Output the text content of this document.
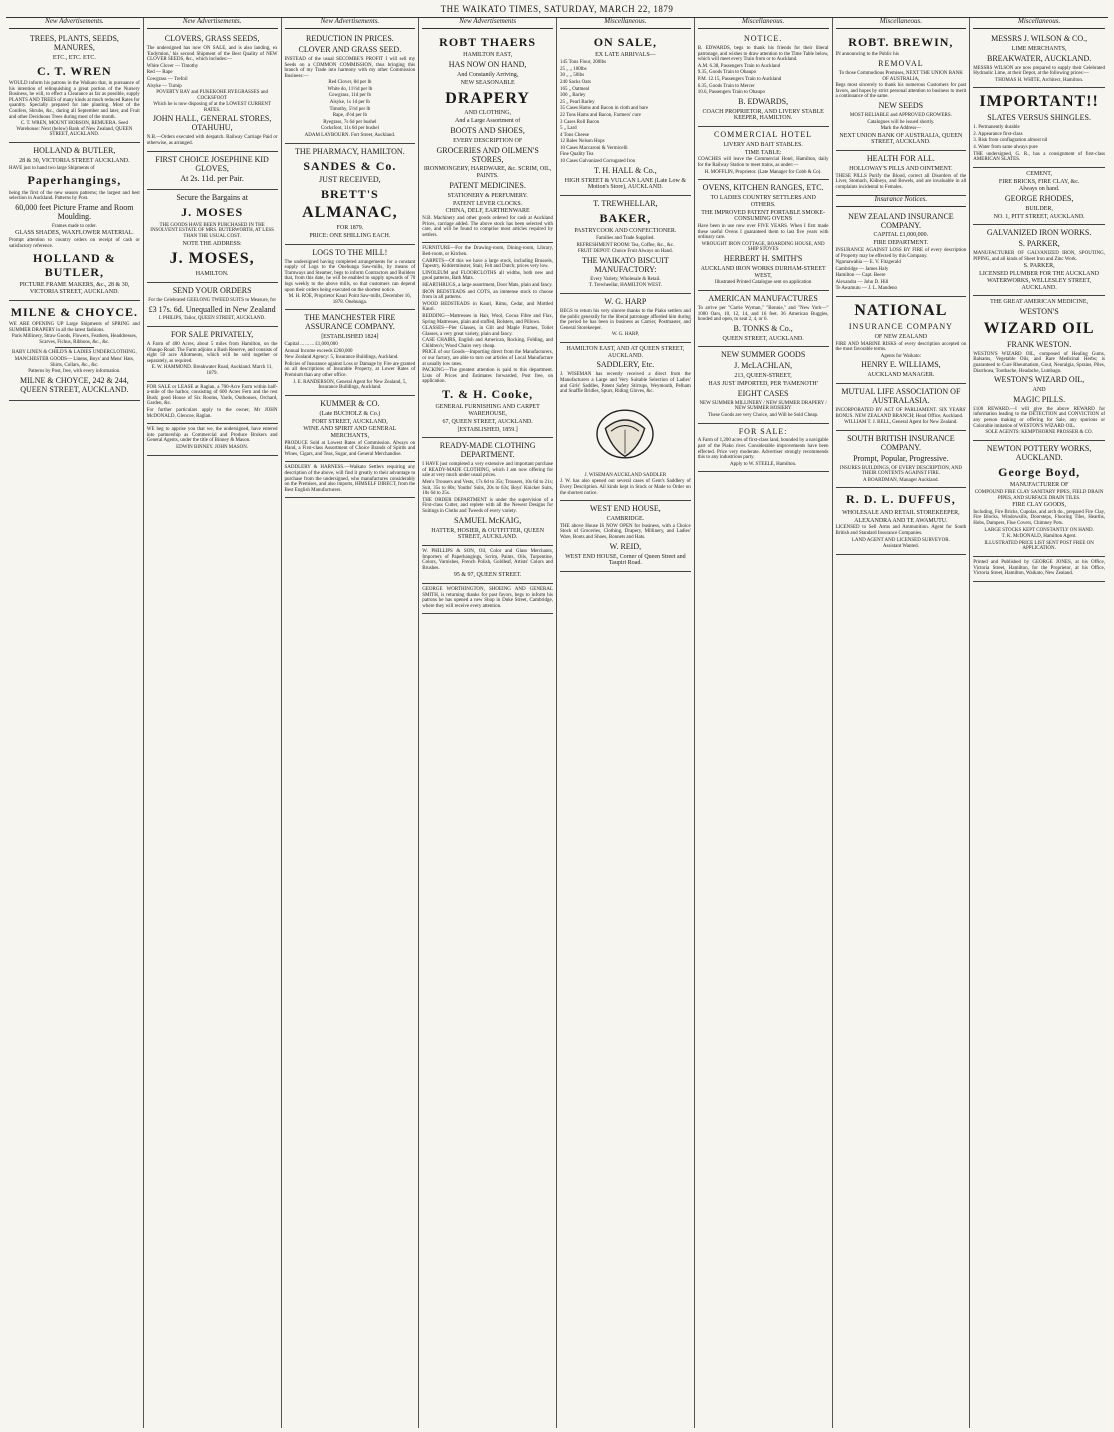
THE WAIKATO TIMES, SATURDAY, MARCH 22, 1879
New Advertisements.
TREES, PLANTS, SEEDS, MANURES,
ETC., ETC. ETC.
C. T. WREN

WOULD inform his patrons in the Waikato that, in pursuance of his intention of relinquishing a great portion of the Nursery Business, he will, to effect a Clearance as far as possible, supply PLANTS AND TREES of many kinds at much reduced Rates for quantity. Specially prepared for late planting. Most of the Conifers, Shrubs, &c., during all September and later, and Fruit and other Deciduous Trees during most of the month.

C. T. WREN, MOUNT HOBSON, REMUERA. Seed Warehouse: Next (below) Bank of New Zealand, QUEEN STREET, AUCKLAND.

HOLLAND & BUTLER,
28 & 30, VICTORIA STREET AUCKLAND.

HAVE just to hand two large Shipments of

Paperhangings,

being the first of the new season patterns; the largest and best selection in Auckland. Patterns by Post.

60,000 feet Picture Frame and Room Moulding.

Frames made to order.

GLASS SHADES, WAXFLOWER MATERIAL.

Prompt attention to country orders on receipt of cash or satisfactory reference.

HOLLAND & BUTLER,
PICTURE FRAME MAKERS, &c., 28 & 30, VICTORIA STREET, AUCKLAND.
MILNE & CHOYCE.

WE ARE OPENING UP Large Shipments of SPRING and SUMMER DRAPERY in all the latest fashions.

Paris Millinery, Straw Goods, Flowers, Feathers, Headdresses, Scarves, Fichus, Ribbons, &c., &c.

BABY LINEN & CHILD'S & LADIES UNDERCLOTHING,

MANCHESTER GOODS— Linens, Boys' and Mens' Hats, Shirts, Collars, &c., &c.

Patterns by Post, free, with every information.

MILNE & CHOYCE, 242 & 244, QUEEN STREET, AUCKLAND.
New Advertisements.
CLOVERS, GRASS SEEDS,

The undersigned has now ON SALE, and is also landing, ex 'Endymion,' his second Shipment of the Best Quality of NEW CLOVER SEEDS, &c., which includes:—

White Clover — Timothy

Red — Rape

Cowgrass — Trefoil

Alsyke — Turnip

POVERTY BAY and PUKEKOHE RYEGRASSES and COCKSFOOT

Which he is now disposing of at the LOWEST CURRENT RATES.

JOHN HALL, GENERAL STORES, OTAHUHU,

N.B.—Orders executed with despatch. Railway Carriage Paid or otherwise, as arranged.

FIRST CHOICE JOSEPHINE KID GLOVES,
At 2s. 11d. per Pair.
Secure the Bargains at
J. MOSES

THE GOODS HAVE BEEN PURCHASED IN THE INSOLVENT ESTATE OF MRS. BUTERWORTH, AT LESS THAN THE USUAL COST.

NOTE THE ADDRESS:
J. MOSES,
HAMILTON.
SEND YOUR ORDERS

For the Celebrated GEELONG TWEED SUITS to Measure, for

£3 17s. 6d. Unequalled in New Zealand

I. PHILIPS, Tailor, QUEEN STREET, AUCKLAND.

FOR SALE PRIVATELY,

A Farm of 400 Acres, about 5 miles from Hamilton, on the Ohaupo Road. The Farm adjoins a Bush Reserve, and consists of eight 50 acre Allotments, which will be sold together or separately, as required.

E. W. HAMMOND. Breakwater Road, Auckland. March 11, 1879.

FOR SALE or LEASE at Raglan, a 700-Acre Farm within half-a-mile of the harbor, consisting of 600 Acres Fern and the rest Bush; good House of Six Rooms, Yards, Outhouses, Orchard, Garden, &c.

For further particulars apply to the owner, Mr JOHN McDONALD, Glencoe, Raglan.

WE beg to apprise you that we, the undersigned, have entered into partnership as Commercial and Produce Brokers and General Agents, under the title of Binney & Mason.

EDWIN BINNEY. JOHN MASON.

New Advertisements.
REDUCTION IN PRICES.
CLOVER AND GRASS SEED.

INSTEAD of the usual SECOMBE'S PROFIT I will sell my Seeds on a COMMON COMMISSION, thus bringing this branch of my Trade into harmony with my other Commission Business:—

Red Clover, 8d per lb

White do, 11½d per lb

Cowgrass, 11d per lb

Alsyke, 1s 1d per lb

Timothy, 5½d per lb

Rape, 4½d per lb

Ryegrass, 7s 6d per bushel

Cocksfoot, 11s 6d per bushel

ADAM LAYBOURN. Fort Street, Auckland.

THE PHARMACY, HAMILTON.
SANDES & Co.
JUST RECEIVED,
BRETT'S
ALMANAC,
FOR 1879.
PRICE: ONE SHILLING EACH.
LOGS TO THE MILL!

The undersigned having completed arrangements for a constant supply of Logs to the Onehunga Saw-mills, by means of Tramways and Steamer, begs to inform Contractors and Builders that, from this date, he will be enabled to supply upwards of 70 logs weekly to the above mills, so that customers can depend upon their orders being executed on the shortest notice.

M. H. ROE, Proprietor Kauri Point Saw-mills, December 16, 1878. Onehunga.

THE MANCHESTER FIRE ASSURANCE COMPANY.
[ESTABLISHED 1824]

Capital ... ... ... £1,000,000

Annual Income exceeds £260,000

New Zealand Agency: 5, Insurance Buildings, Auckland.

Policies of Insurance against Loss or Damage by Fire are granted on all descriptions of Insurable Property, at Lower Rates of Premium than any other office.

J. E. RANDERSON, General Agent for New Zealand, 5, Insurance Buildings, Auckland.

KUMMER & CO.
(Late BUCHOLZ & Co.)
FORT STREET, AUCKLAND,
WINE AND SPIRIT AND GENERAL MERCHANTS,

PRODUCE Sold at Lowest Rates of Commission. Always on Hand, a First-class Assortment of Choice Brands of Spirits and Wines, Cigars, and Teas, Sugar, and General Merchandise.

SADDLERY & HARNESS.—Waikato Settlers requiring any description of the above, will find it greatly to their advantage to purchase from the undersigned, who manufactures considerably on the Premises, and also imports, HIMSELF DIRECT, from the Best English Manufacturers.

New Advertisements
ROBT THAERS
HAMILTON EAST,
HAS NOW ON HAND,
And Constantly Arriving,
NEW SEASONABLE
DRAPERY
AND CLOTHING,
And a Large Assortment of
BOOTS AND SHOES,
EVERY DESCRIPTION OF
GROCERIES AND OILMEN'S STORES,
IRONMONGERY, HARDWARE, &c. SCRIM, OIL, PAINTS.
PATENT MEDICINES.
STATIONERY & PERFUMERY.
PATENT LEVER CLOCKS.
CHINA, DELF, EARTHENWARE

N.B. Machinery and other goods ordered for cash at Auckland Prices, carriage added. The above stock has been selected with care, and will be found to comprise most articles required by settlers.

FURNITURE—For the Drawing-room, Dining-room, Library, Bed-room, or Kitchen.

CARPETS—Of this we have a large stock, including Brussels, Tapestry, Kidderminster, Stair, Felt and Dutch; prices very low.

LINOLEUM and FLOORCLOTHS all widths, both new and good patterns, Bath Mats.

HEARTHRUGS, a large assortment, Door Mats, plain and fancy.

IRON BEDSTEADS and COTS, an immense stock to choose from in all patterns.

WOOD BEDSTEADS in Kauri, Rimu, Cedar, and Mottled Kauri.

BEDDING—Mattresses in Hair, Wool, Cocoa Fibre and Flax, Spring Mattresses, plain and stuffed, Bolsters, and Pillows.

GLASSES—Pier Glasses, in Gilt and Maple Frames, Toilet Glasses, a very great variety, plain and fancy.

CASE CHAIRS, English and American, Rocking, Folding, and Children's; Wood Chairs very cheap.

PRICE of our Goods—Importing direct from the Manufacturers, or our factory, are able to turn out articles of Local Manufacture at usually low rates.

PACKING—The greatest attention is paid to this department. Lists of Prices and Estimates forwarded, Post free, on application.

T. & H. Cooke,
GENERAL FURNISHING AND CARPET WAREHOUSE,
67, QUEEN STREET, AUCKLAND.
[ESTABLISHED, 1859.]
READY-MADE CLOTHING DEPARTMENT.

I HAVE just completed a very extensive and important purchase of READY-MADE CLOTHING, which I am now offering for sale at very much under usual prices.

Men's Trousers and Vests, 17s 6d to 35s; Trousers, 10s 6d to 21s; Suit, 35s to 80s; Youths' Suits, 20s to 63s; Boys' Knicker Suits, 10s 6d to 25s.

THE ORDER DEPARTMENT is under the supervision of a First-class Cutter, and replete with all the Newest Designs for Suitings in Cloths and Tweeds of every variety.

SAMUEL McKAIG,
HATTER, HOSIER, & OUTFITTER, QUEEN STREET, AUCKLAND.

W. PHILLIPS & SON, Oil, Color and Glass Merchants, Importers of Paperhangings, Scrim, Paints, Oils, Turpentine, Colors, Varnishes, French Polish, Goldleaf, Artists' Colors and Brushes.

95 & 97, QUEEN STREET.

GEORGE WORTHINGTON, SHOEING AND GENERAL SMITH, is returning thanks for past favors, begs to inform his patrons he has opened a new Shop in Duke Street, Cambridge, where they will receive every attention.

Miscellaneous.
ON SALE,
EX LATE ARRIVALS—

145 Tons Flour, 200lbs

25 „ „ 100lbs

30 „ „ 50lbs

240 Sacks Oats

165 „ Oatmeal

300 „ Barley

25 „ Pearl Barley

35 Cases Hams and Bacon in cloth and bare

22 Tons Hams and Bacon, Farmers' cure

3 Cases Roll Bacon

5 „ Lard

4 Tons Cheese

12 Bales Nelson Hops

10 Cases Maccaroni & Vermicelli

Fine Quality Tea

10 Cases Galvanized Corrugated Iron

T. H. HALL & Co.,
HIGH STREET & VULCAN LANE (Late Low & Motion's Store), AUCKLAND.
T. TREWHELLAR,
BAKER,
PASTRYCOOK AND CONFECTIONER.

Families and Trade Supplied.

REFRESHMENT ROOM: Tea, Coffee, &c., &c.

FRUIT DEPOT: Choice Fruit Always on Hand.

THE WAIKATO BISCUIT MANUFACTORY:

Every Variety, Wholesale & Retail.

T. Trewheellar, HAMILTON WEST.

W. G. HARP

BEGS to return his very sincere thanks to the Piako settlers and the public generally for the liberal patronage afforded him during the period he has been in business as Carrier, Postmaster, and General Storekeeper.

W. G. HARP,

HAMILTON EAST, AND AT QUEEN STREET, AUCKLAND.
SADDLERY, Etc.

J. WISEMAN has recently received a direct from the Manufacturers a Large and Very Suitable Selection of Ladies' and Girls' Saddles, Patent Safety Stirrups, Weymouth, Pelham and Snaffle Bridles, Spurs, Riding Gloves, &c.

J. WISEMAN AUCKLAND SADDLER

J. W. has also opened out several cases of Gent's Saddlery of Every Description. All kinds kept in Stock or Made to Order on the shortest notice.

WEST END HOUSE,
CAMBRIDGE.

THE above House IS NOW OPEN for business, with a Choice Stock of Groceries, Clothing, Drapery, Millinery, and Ladies' Ware, Boots and Shoes, Bonnets and Hats.

W. REID,
WEST END HOUSE, Corner of Queen Street and Taupiri Road.
Miscellaneous.
NOTICE.

B. EDWARDS, begs to thank his friends for their liberal patronage, and wishes to draw attention to the Time Table below, which will meet every Train from or to Auckland.

A.M. 6.38, Passengers Train to Auckland

9.35, Goods Train to Ohaupo

P.M. 12.15, Passengers Train to Auckland

6.35, Goods Train to Mercer

10.6, Passengers Train to Ohaupo

B. EDWARDS,
COACH PROPRIETOR, AND LIVERY STABLE KEEPER, HAMILTON.
COMMERCIAL HOTEL
LIVERY AND BAIT STABLES.
TIME TABLE:

COACHES will leave the Commercial Hotel, Hamilton, daily for the Railway Station to meet trains, as under:—

H. MOFFLIN, Proprietor. (Late Manager for Cobb & Co).

OVENS, KITCHEN RANGES, ETC.
TO LADIES COUNTRY SETTLERS AND OTHERS.
THE IMPROVED PATENT PORTABLE SMOKE-CONSUMING OVENS

Have been in use now over FIVE YEARS. When I first made these useful Ovens I guaranteed them to last five years with ordinary care.

WROUGHT IRON COTTAGE, BOARDING HOUSE, AND SHIP STOVES

HERBERT H. SMITH'S
AUCKLAND IRON WORKS DURHAM-STREET WEST,

Illustrated Printed Catalogue sent on application

AMERICAN MANUFACTURES

To arrive per "Carrie Wyman," "Bonnie," and "New York—" 1000 Oars, 10, 12, 14, and 16 feet. 36 American Buggies, hooded and open, to seat 2, 4, or 6.

B. TONKS & Co.,
QUEEN STREET, AUCKLAND.
NEW SUMMER GOODS
J. McLACHLAN,
213, QUEEN-STREET,
HAS JUST IMPORTED, PER 'FAMENOTH'
EIGHT CASES

NEW SUMMER MILLINERY / NEW SUMMER DRAPERY / NEW SUMMER HOSIERY

These Goods are very Choice, and Will be Sold Cheap.

FOR SALE:

A Farm of 1,200 acres of first-class land, bounded by a navigable part of the Piako river. Considerable improvements have been effected. Price very moderate. Advertiser strongly recommends this to any industrious party.

Apply to W. STEELE, Hamilton.

Miscellaneous.
ROBT. BREWIN,

IN announcing to the Public his

REMOVAL

To those Commodious Premises, NEXT THE UNION BANK OF AUSTRALIA,

Begs most sincerely to thank his numerous Customers for past favors, and hopes by strict personal attention to business to merit a continuance of the same.

NEW SEEDS

MOST RELIABLE and APPROVED GROWERS.

Catalogues will be issued shortly.

Mark the Address—

NEXT UNION BANK OF AUSTRALIA, QUEEN STREET, AUCKLAND.
HEALTH FOR ALL.
HOLLOWAY'S PILLS AND OINTMENT.

THESE PILLS Purify the Blood, correct all Disorders of the Liver, Stomach, Kidneys, and Bowels, and are invaluable in all complaints incidental to Females.

Insurance Notices.
NEW ZEALAND INSURANCE COMPANY.
CAPITAL £1,000,000.
FIRE DEPARTMENT.

INSURANCE AGAINST LOSS BY FIRE of every description of Property may be effected by this Company.

Ngaruawahia — E. V. Fitzgerald

Cambridge — James Haly

Hamilton — Capt. Beere

Alexandra — John D. Hill

Te Awamutu — J. L. Mandeno

NATIONAL
INSURANCE COMPANY
OF NEW ZEALAND

FIRE AND MARINE RISKS of every description accepted on the most favorable terms.

Agents for Waikato:

HENRY E. WILLIAMS,
AUCKLAND MANAGER.
MUTUAL LIFE ASSOCIATION OF AUSTRALASIA.

INCORPORATED BY ACT OF PARLIAMENT. SIX YEARS' BONUS. NEW ZEALAND BRANCH; Head Office, Auckland.

WILLIAM T. J. BELL, General Agent for New Zealand.

SOUTH BRITISH INSURANCE COMPANY.
Prompt, Popular, Progressive.

INSURES BUILDINGS, OF EVERY DESCRIPTION, AND THEIR CONTENTS AGAINST FIRE.

A BOARDMAN, Manager Auckland.

R. D. L. DUFFUS,
WHOLESALE AND RETAIL STOREKEEPER,
ALEXANDRA AND TE AWAMUTU.

LICENSED to Sell Arms and Ammunition. Agent for South British and Standard Insurance Companies.

LAND AGENT AND LICENSED SURVEYOR.

Assistant Wanted.

Miscellaneous.
MESSRS J. WILSON & CO.,
LIME MERCHANTS,
BREAKWATER, AUCKLAND.

MESSRS WILSON are now prepared to supply their Celebrated Hydraulic Lime, at their Depot, at the following prices:—

THOMAS H. WHITE, Architect, Hamilton.

IMPORTANT!!
SLATES VERSUS SHINGLES.

1. Permanently durable

2. Appearance first-class

3. Risk from conflagration almost nil

4. Water from same always pure

THE undersigned, G. R., has a consignment of first-class AMERICAN SLATES.

CEMENT,
FIRE BRICKS, FIRE CLAY, &c.
Always on hand.
GEORGE RHODES,
BUILDER,
NO. 1, PITT STREET, AUCKLAND.
GALVANIZED IRON WORKS.
S. PARKER,

MANUFACTURER OF GALVANIZED IRON, SPOUTING, PIPING, and all kinds of Sheet Iron and Zinc Work.

S. PARKER,
LICENSED PLUMBER FOR THE AUCKLAND WATERWORKS, WELLESLEY STREET, AUCKLAND.
THE GREAT AMERICAN MEDICINE,
WESTON'S
WIZARD OIL
FRANK WESTON.

WESTON'S WIZARD OIL, composed of Healing Gums, Balsams, Vegetable Oils, and Rare Medicinal Herbs; is guaranteed to Cure Rheumatism, Gout, Neuralgia, Sprains, Piles, Diarrhoea, Toothache, Headache, Lumbago.

WESTON'S WIZARD OIL,
AND
MAGIC PILLS.

£100 REWARD.—I will give the above REWARD for information leading to the DETECTION and CONVICTION of any person making or offering for Sale, any spurious or Colorable imitation of WESTON'S WIZARD OIL.

SOLE AGENTS: KEMPTHORNE PROSSER & CO.

NEWTON POTTERY WORKS, AUCKLAND.
George Boyd,
MANUFACTURER OF

COMPOUND FIRE CLAY SANITARY PIPES, FIELD DRAIN PIPES, AND SURFACE DRAIN TILES.

FIRE CLAY GOODS,

Including, Fire Bricks, Cupolas, and arch do., prepared Fire Clay, Fire Blocks, Windowsills, Doorsteps, Flooring Tiles, Hearths, Hobs, Dampers, Flue Covers, Chimney Pots.

LARGE STOCKS KEPT CONSTANTLY ON HAND.

T. K. McDONALD, Hamilton Agent.

ILLUSTRATED PRICE LIST SENT POST FREE ON APPLICATION.

Printed and Published by GEORGE JONES, at his Office, Victoria Street, Hamilton, for the Proprietor, at his Office, Victoria Street, Hamilton, Waikato, New Zealand.
